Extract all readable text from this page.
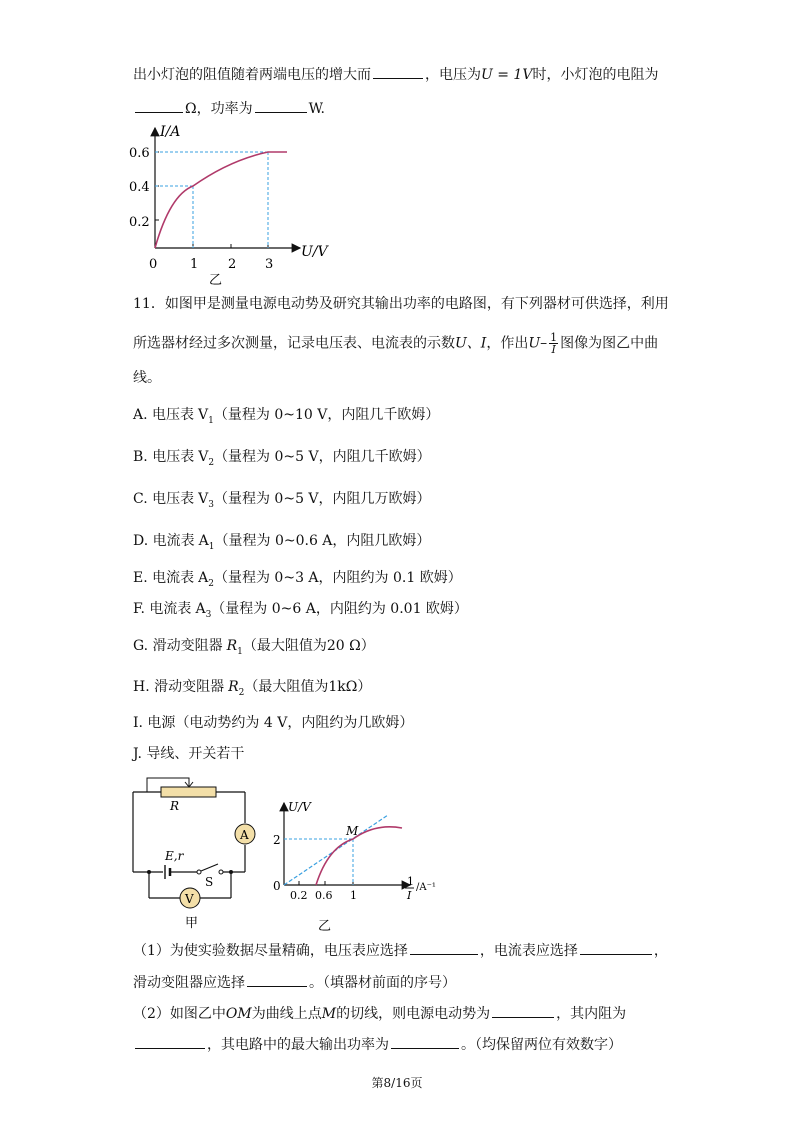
出小灯泡的阻值随着两端电压的增大而	，电压为U = 1V时，小灯泡的电阻为
Ω，功率为	W.
I/A
U/V
0.6
0.4
0.2
0	1 2 3
乙
11．如图甲是测量电源电动势及研究其输出功率的电路图，有下列器材可供选择，利用
所选器材经过多次测量，记录电压表、电流表的示数U、I，作出$U- \frac{1}{I}$ 图像为图乙中曲
线。
A. 电压表 $V_1$（量程为 0~10 V，内阻几千欧姆）
B. 电压表 $V_2$（量程为 0~5 V，内阻几千欧姆）
C. 电压表 $V_3$（量程为 0~5 V，内阻几万欧姆）
D. 电流表 $A_1$（量程为 0~0.6 A，内阻几欧姆）
E. 电流表 $A_2$（量程为 0~3 A，内阻约为 0.1 欧姆）
F. 电流表 $A_3$（量程为 0~6 A，内阻约为 0.01 欧姆）
G. 滑动变阻器 $R_1$（最大阻值为20 Ω）
H. 滑动变阻器 $R_2$（最大阻值为1kΩ）
I. 电源（电动势约为 4 V，内阻约为几欧姆）
J. 导线、开关若干
R
A
E,r
S
V
甲
U/V
2
0
0.2 0.6 1
M
1
I
/A⁻¹
乙
（1）为使实验数据尽量精确，电压表应选择	，电流表应选择	，
滑动变阻器应选择	。（填器材前面的序号）
（2）如图乙中OM为曲线上点M的切线，则电源电动势为	，其内阻为
，其电路中的最大输出功率为	。（均保留两位有效数字）
第8/16页
